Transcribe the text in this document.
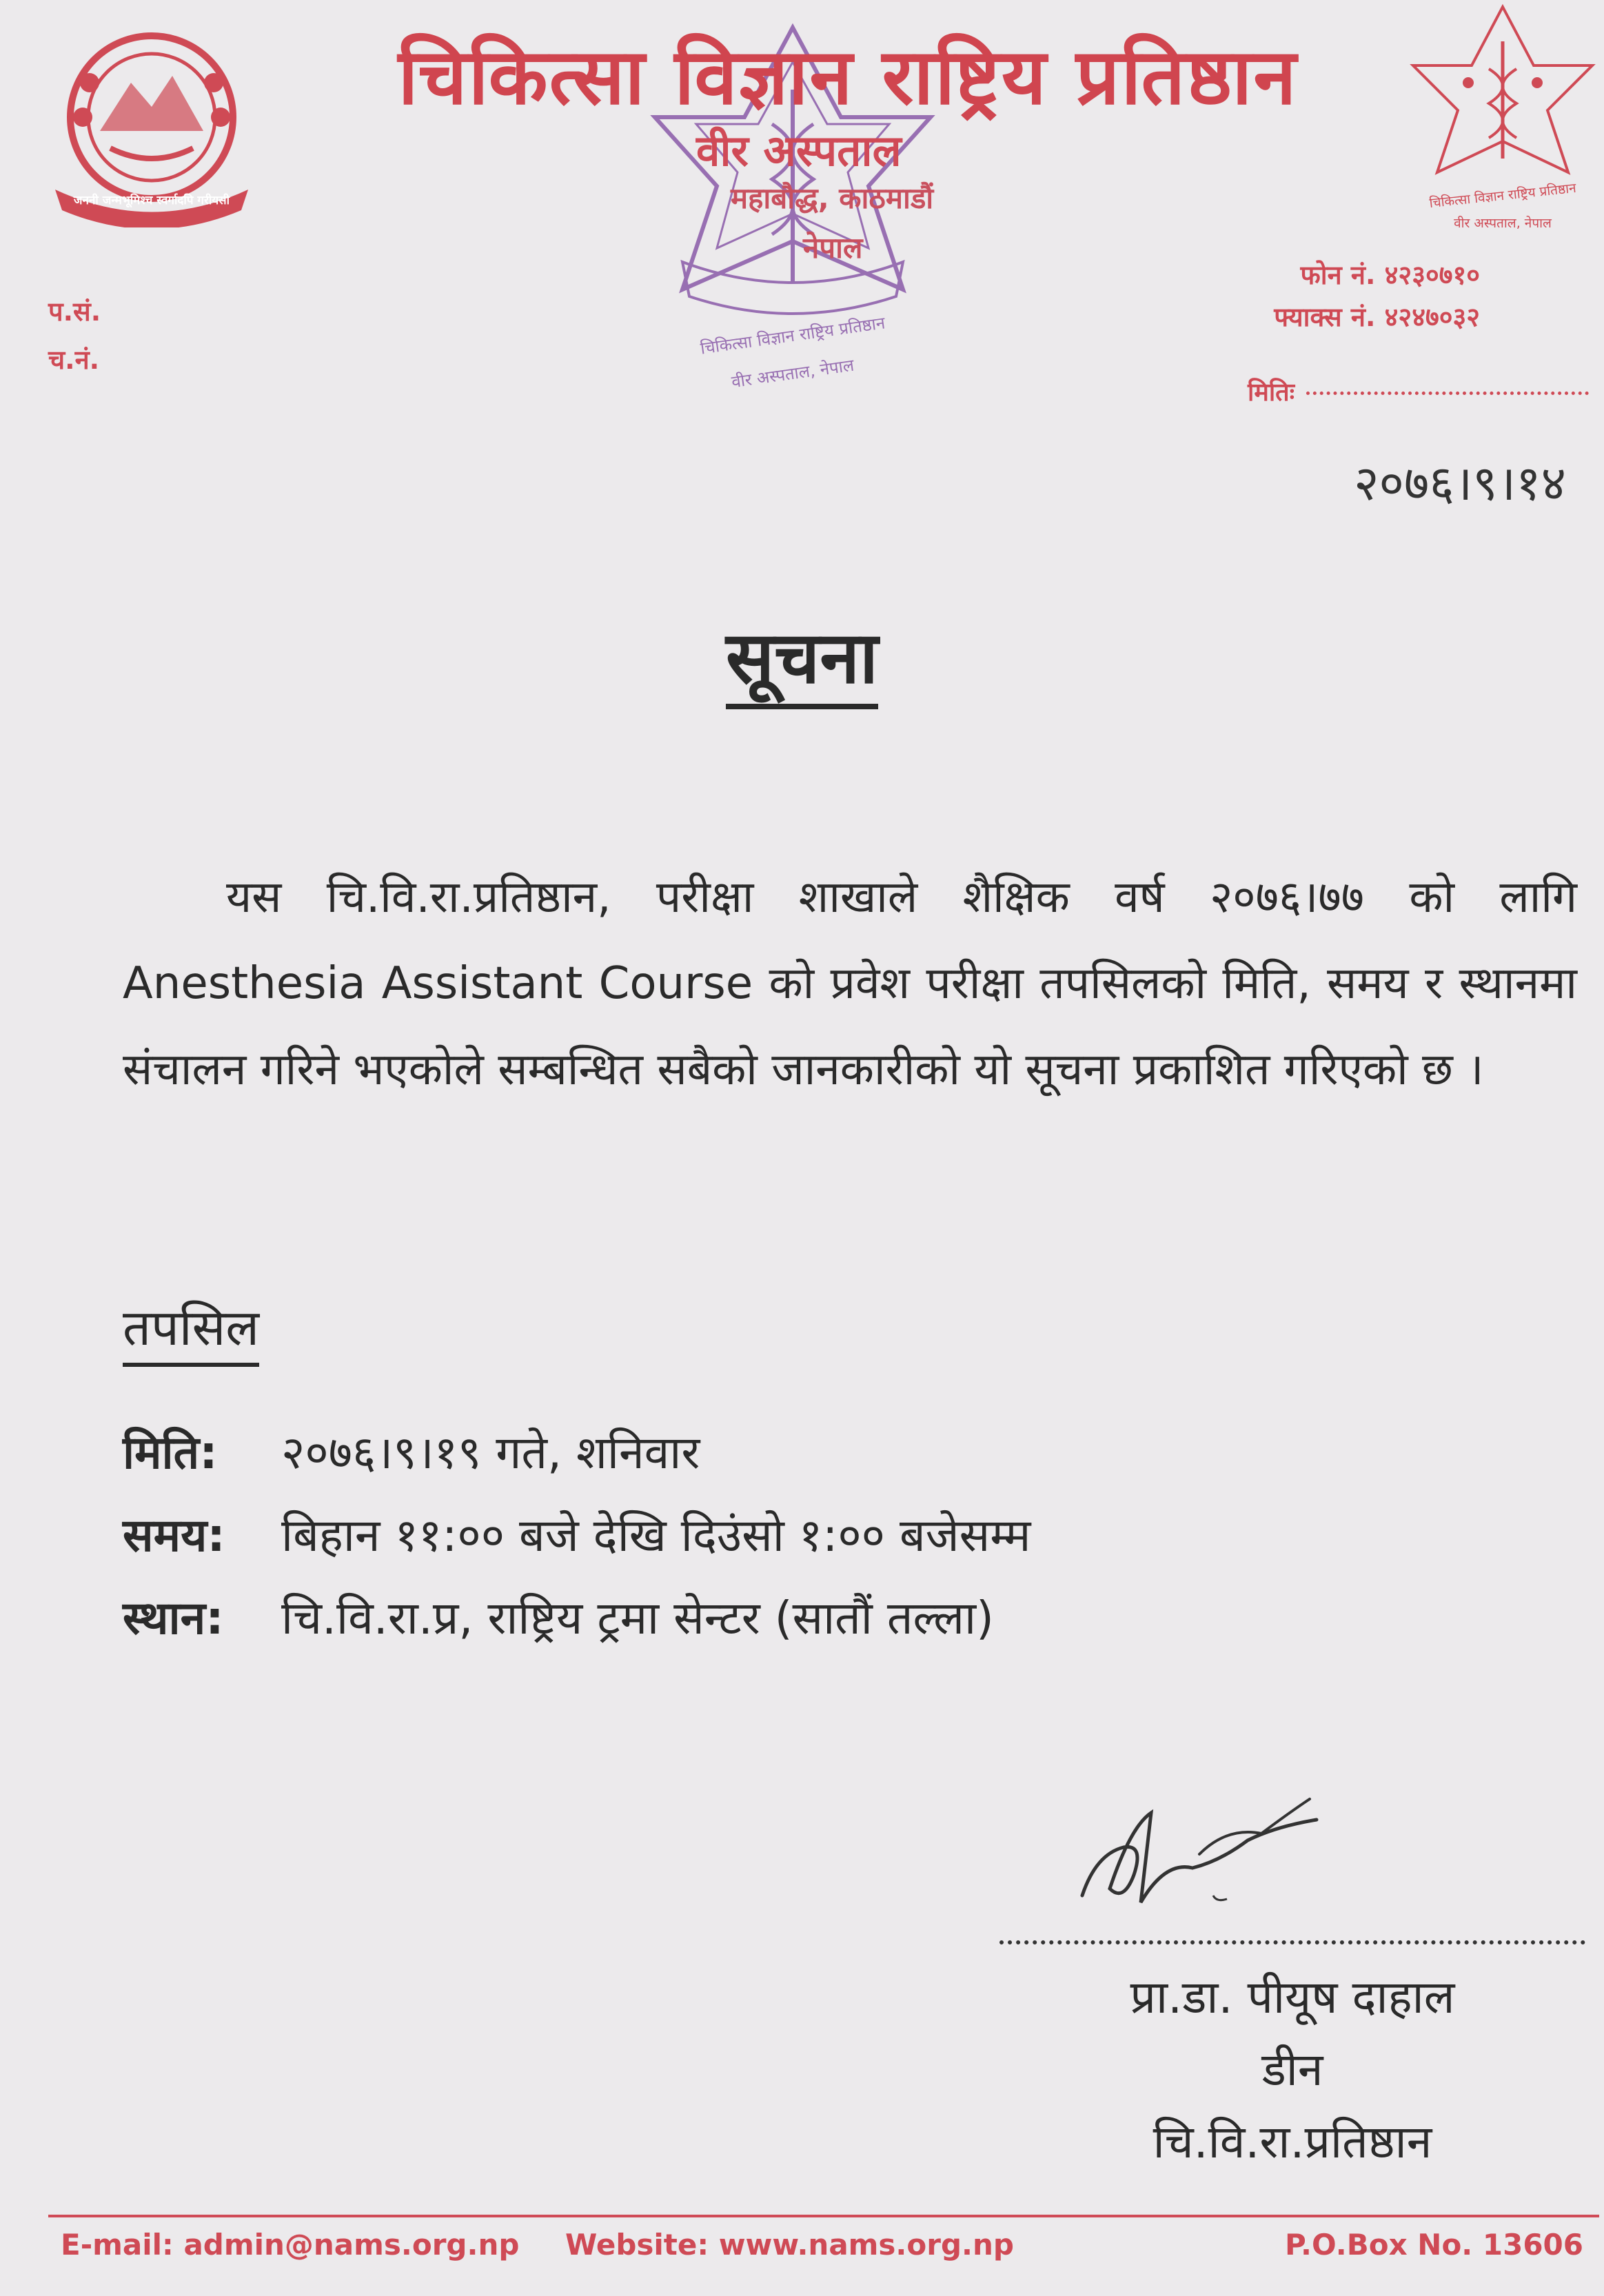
जननी जन्मभूमिश्च स्वर्गादपि गरीयसी
चिकित्सा विज्ञान राष्ट्रिय प्रतिष्ठान
वीर अस्पताल, नेपाल
चिकित्सा विज्ञान राष्ट्रिय प्रतिष्ठान
वीर अस्पताल, नेपाल
चिकित्सा विज्ञान राष्ट्रिय प्रतिष्ठान
वीर अस्पताल
महाबौद्ध, काठमाडौं
नेपाल
प.सं.
च.नं.
फोन नं. ४२३०७१०
फ्याक्स नं. ४२४७०३२
मितिः
२०७६।९।१४
सूचना
यस चि.वि.रा.प्रतिष्ठान, परीक्षा शाखाले शैक्षिक वर्ष २०७६।७७ को लागि Anesthesia Assistant Course को प्रवेश परीक्षा तपसिलको मिति, समय र स्थानमा संचालन गरिने भएकोले सम्बन्धित सबैको जानकारीको यो सूचना प्रकाशित गरिएको छ ।
तपसिल
मिति: २०७६।९।१९ गते, शनिवार
समय: बिहान ११:०० बजे देखि दिउंसो १:०० बजेसम्म
स्थान: चि.वि.रा.प्र, राष्ट्रिय ट्रमा सेन्टर (सातौं तल्ला)
प्रा.डा. पीयूष दाहाल
डीन
चि.वि.रा.प्रतिष्ठान
E-mail: admin@nams.org.np Website: www.nams.org.np	P.O.Box No. 13606
